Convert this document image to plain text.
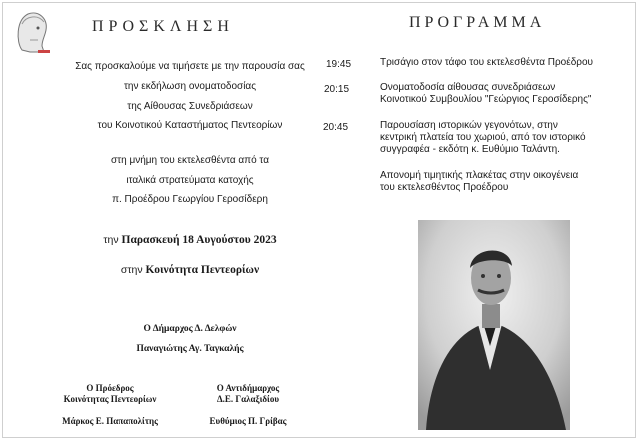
ΠΡΟΣΚΛΗΣΗ	ΠΡΟΓΡΑΜΜΑ
Σας προσκαλούμε να τιμήσετε με την παρουσία σας
την εκδήλωση ονοματοδοσίας
της Αίθουσας Συνεδριάσεων
του Κοινοτικού Καταστήματος Πεντεορίων
στη μνήμη του εκτελεσθέντα από τα
ιταλικά στρατεύματα κατοχής
π. Προέδρου Γεωργίου Γεροσίδερη
την Παρασκευή 18 Αυγούστου 2023
στην Κοινότητα Πεντεορίων
Ο Δήμαρχος Δ. Δελφών
Παναγιώτης Αγ. Ταγκαλής
Ο Πρόεδρος
Κοινότητας Πεντεορίων
Μάρκος Ε. Παπαπολίτης
Ο Αντιδήμαρχος
Δ.Ε. Γαλαξιδίου
Ευθύμιος Π. Γρίβας
19:45	Τρισάγιο στον τάφο του εκτελεσθέντα Προέδρου
20:15	Ονοματοδοσία αίθουσας συνεδριάσεων
Κοινοτικού Συμβουλίου "Γεώργιος Γεροσίδερης"
20:45	Παρουσίαση ιστορικών γεγονότων, στην
κεντρική πλατεία του χωριού, από τον ιστορικό
συγγραφέα - εκδότη κ. Ευθύμιο Ταλάντη.
Απονομή τιμητικής πλακέτας στην οικογένεια
του εκτελεσθέντος Προέδρου
